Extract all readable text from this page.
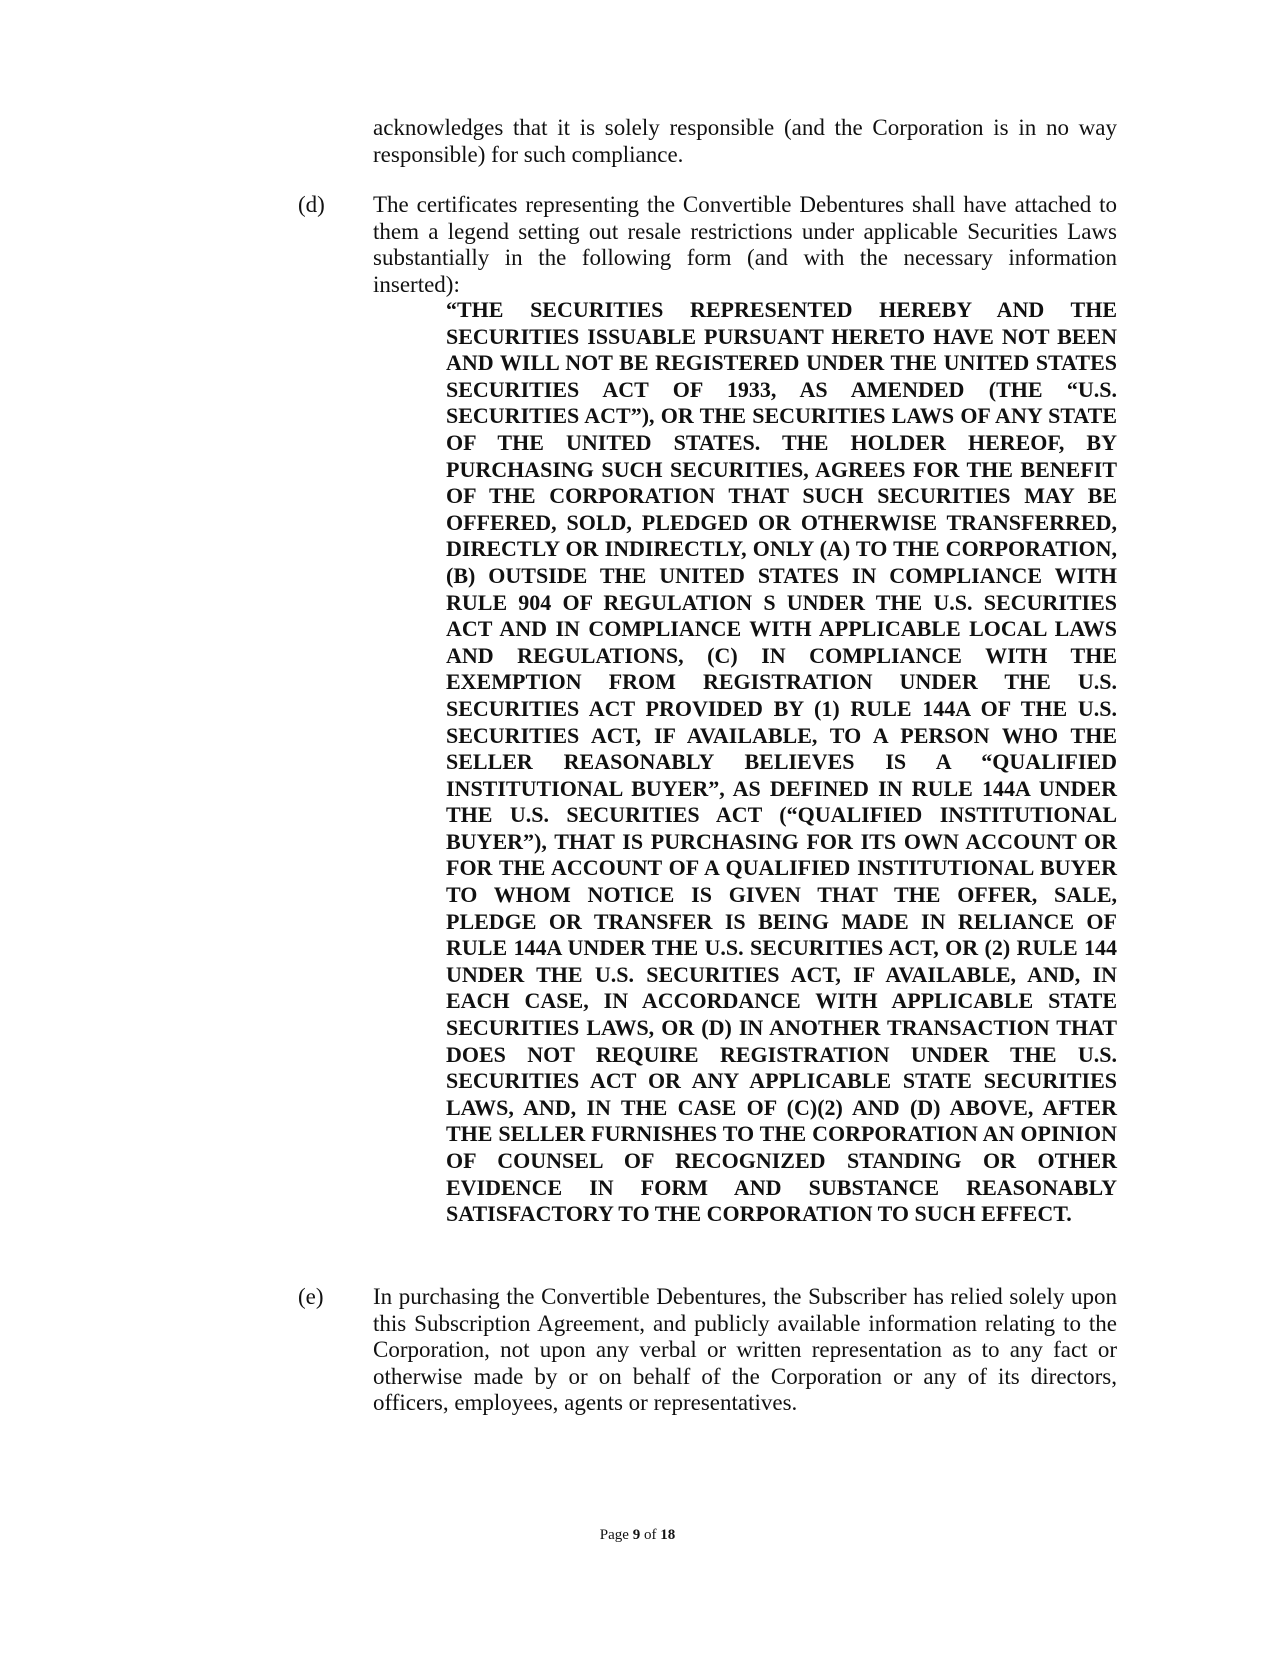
acknowledges that it is solely responsible (and the Corporation is in no way responsible) for such compliance.
(d) The certificates representing the Convertible Debentures shall have attached to them a legend setting out resale restrictions under applicable Securities Laws substantially in the following form (and with the necessary information inserted):
“THE SECURITIES REPRESENTED HEREBY AND THE SECURITIES ISSUABLE PURSUANT HERETO HAVE NOT BEEN AND WILL NOT BE REGISTERED UNDER THE UNITED STATES SECURITIES ACT OF 1933, AS AMENDED (THE “U.S. SECURITIES ACT”), OR THE SECURITIES LAWS OF ANY STATE OF THE UNITED STATES. THE HOLDER HEREOF, BY PURCHASING SUCH SECURITIES, AGREES FOR THE BENEFIT OF THE CORPORATION THAT SUCH SECURITIES MAY BE OFFERED, SOLD, PLEDGED OR OTHERWISE TRANSFERRED, DIRECTLY OR INDIRECTLY, ONLY (A) TO THE CORPORATION, (B) OUTSIDE THE UNITED STATES IN COMPLIANCE WITH RULE 904 OF REGULATION S UNDER THE U.S. SECURITIES ACT AND IN COMPLIANCE WITH APPLICABLE LOCAL LAWS AND REGULATIONS, (C) IN COMPLIANCE WITH THE EXEMPTION FROM REGISTRATION UNDER THE U.S. SECURITIES ACT PROVIDED BY (1) RULE 144A OF THE U.S. SECURITIES ACT, IF AVAILABLE, TO A PERSON WHO THE SELLER REASONABLY BELIEVES IS A “QUALIFIED INSTITUTIONAL BUYER”, AS DEFINED IN RULE 144A UNDER THE U.S. SECURITIES ACT (“QUALIFIED INSTITUTIONAL BUYER”), THAT IS PURCHASING FOR ITS OWN ACCOUNT OR FOR THE ACCOUNT OF A QUALIFIED INSTITUTIONAL BUYER TO WHOM NOTICE IS GIVEN THAT THE OFFER, SALE, PLEDGE OR TRANSFER IS BEING MADE IN RELIANCE OF RULE 144A UNDER THE U.S. SECURITIES ACT, OR (2) RULE 144 UNDER THE U.S. SECURITIES ACT, IF AVAILABLE, AND, IN EACH CASE, IN ACCORDANCE WITH APPLICABLE STATE SECURITIES LAWS, OR (D) IN ANOTHER TRANSACTION THAT DOES NOT REQUIRE REGISTRATION UNDER THE U.S. SECURITIES ACT OR ANY APPLICABLE STATE SECURITIES LAWS, AND, IN THE CASE OF (C)(2) AND (D) ABOVE, AFTER THE SELLER FURNISHES TO THE CORPORATION AN OPINION OF COUNSEL OF RECOGNIZED STANDING OR OTHER EVIDENCE IN FORM AND SUBSTANCE REASONABLY SATISFACTORY TO THE CORPORATION TO SUCH EFFECT.
(e) In purchasing the Convertible Debentures, the Subscriber has relied solely upon this Subscription Agreement, and publicly available information relating to the Corporation, not upon any verbal or written representation as to any fact or otherwise made by or on behalf of the Corporation or any of its directors, officers, employees, agents or representatives.
Page 9 of 18
